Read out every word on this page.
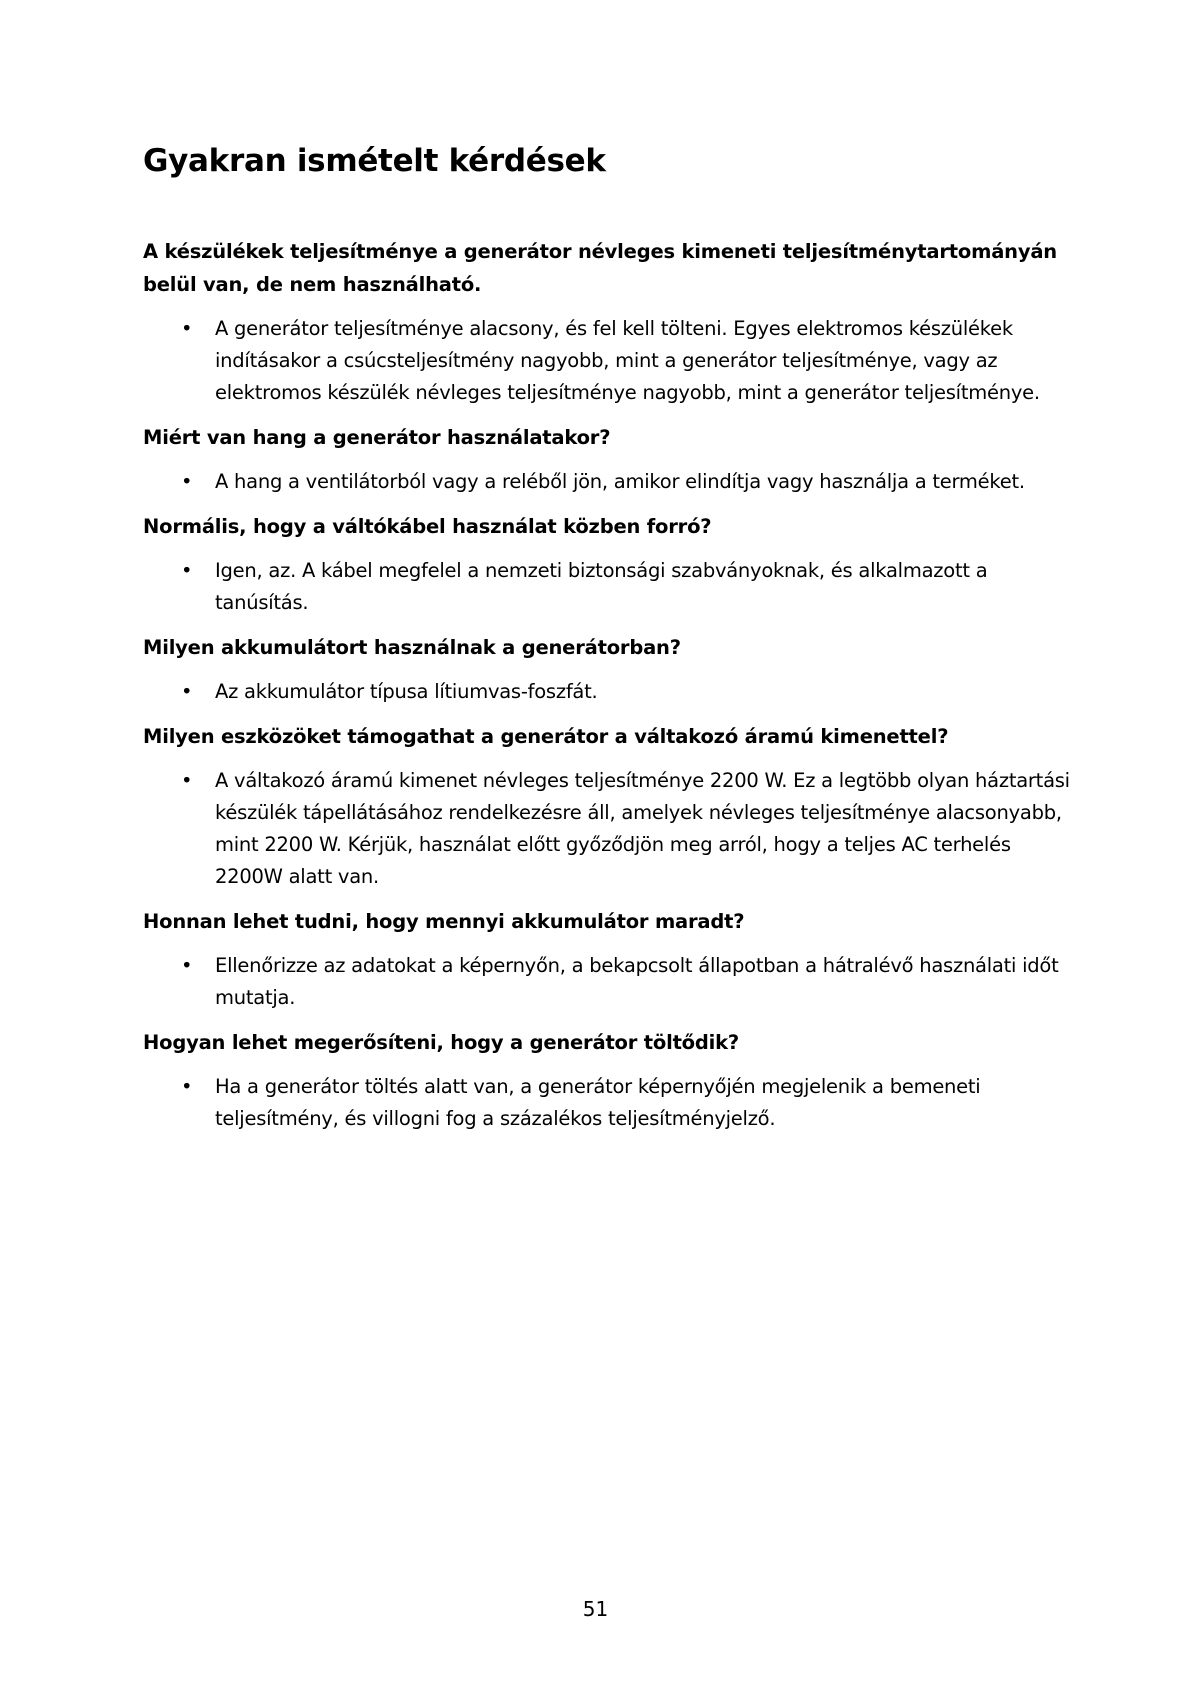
Gyakran ismételt kérdések

A készülékek teljesítménye a generátor névleges kimeneti teljesítménytartományán belül van, de nem használható.

• A generátor teljesítménye alacsony, és fel kell tölteni. Egyes elektromos készülékek indításakor a csúcsteljesítmény nagyobb, mint a generátor teljesítménye, vagy az elektromos készülék névleges teljesítménye nagyobb, mint a generátor teljesítménye.

Miért van hang a generátor használatakor?

• A hang a ventilátorból vagy a reléből jön, amikor elindítja vagy használja a terméket.

Normális, hogy a váltókábel használat közben forró?

• Igen, az. A kábel megfelel a nemzeti biztonsági szabványoknak, és alkalmazott a tanúsítás.

Milyen akkumulátort használnak a generátorban?

• Az akkumulátor típusa lítiumvas-foszfát.

Milyen eszközöket támogathat a generátor a váltakozó áramú kimenettel?

• A váltakozó áramú kimenet névleges teljesítménye 2200 W. Ez a legtöbb olyan háztartási készülék tápellátásához rendelkezésre áll, amelyek névleges teljesítménye alacsonyabb, mint 2200 W. Kérjük, használat előtt győződjön meg arról, hogy a teljes AC terhelés 2200W alatt van.

Honnan lehet tudni, hogy mennyi akkumulátor maradt?

• Ellenőrizze az adatokat a képernyőn, a bekapcsolt állapotban a hátralévő használati időt mutatja.

Hogyan lehet megerősíteni, hogy a generátor töltődik?

• Ha a generátor töltés alatt van, a generátor képernyőjén megjelenik a bemeneti teljesítmény, és villogni fog a százalékos teljesítményjelző.

51
